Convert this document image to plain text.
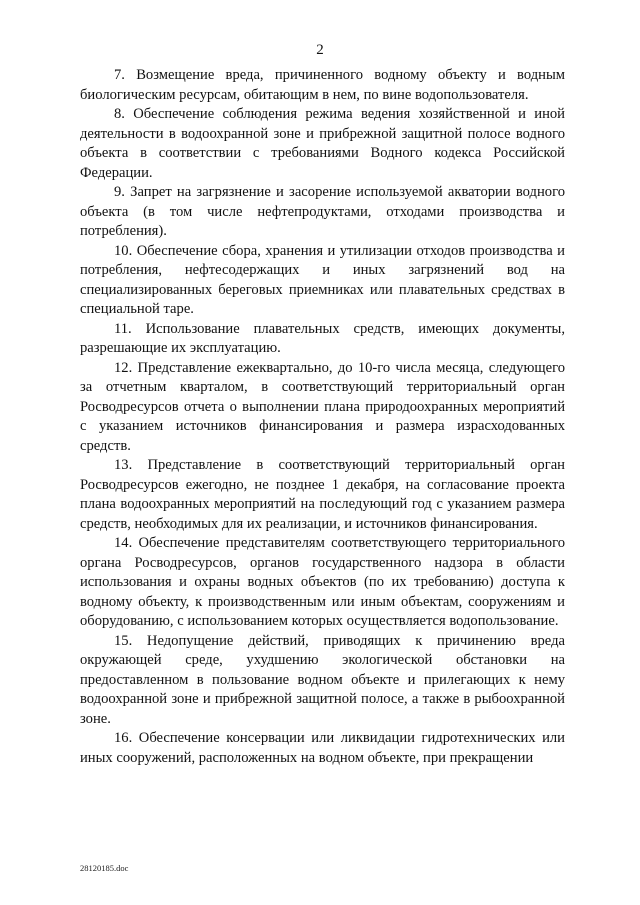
2

7. Возмещение вреда, причиненного водному объекту и водным биологическим ресурсам, обитающим в нем, по вине водопользователя.

8. Обеспечение соблюдения режима ведения хозяйственной и иной деятельности в водоохранной зоне и прибрежной защитной полосе водного объекта в соответствии с требованиями Водного кодекса Российской Федерации.

9. Запрет на загрязнение и засорение используемой акватории водного объекта (в том числе нефтепродуктами, отходами производства и потребления).

10. Обеспечение сбора, хранения и утилизации отходов производства и потребления, нефтесодержащих и иных загрязнений вод на специализированных береговых приемниках или плавательных средствах в специальной таре.

11. Использование плавательных средств, имеющих документы, разрешающие их эксплуатацию.

12. Представление ежеквартально, до 10-го числа месяца, следующего за отчетным кварталом, в соответствующий территориальный орган Росводресурсов отчета о выполнении плана природоохранных мероприятий с указанием источников финансирования и размера израсходованных средств.

13. Представление в соответствующий территориальный орган Росводресурсов ежегодно, не позднее 1 декабря, на согласование проекта плана водоохранных мероприятий на последующий год с указанием размера средств, необходимых для их реализации, и источников финансирования.

14. Обеспечение представителям соответствующего территориального органа Росводресурсов, органов государственного надзора в области использования и охраны водных объектов (по их требованию) доступа к водному объекту, к производственным или иным объектам, сооружениям и оборудованию, с использованием которых осуществляется водопользование.

15. Недопущение действий, приводящих к причинению вреда окружающей среде, ухудшению экологической обстановки на предоставленном в пользование водном объекте и прилегающих к нему водоохранной зоне и прибрежной защитной полосе, а также в рыбоохранной зоне.

16. Обеспечение консервации или ликвидации гидротехнических или иных сооружений, расположенных на водном объекте, при прекращении

28120185.doc
